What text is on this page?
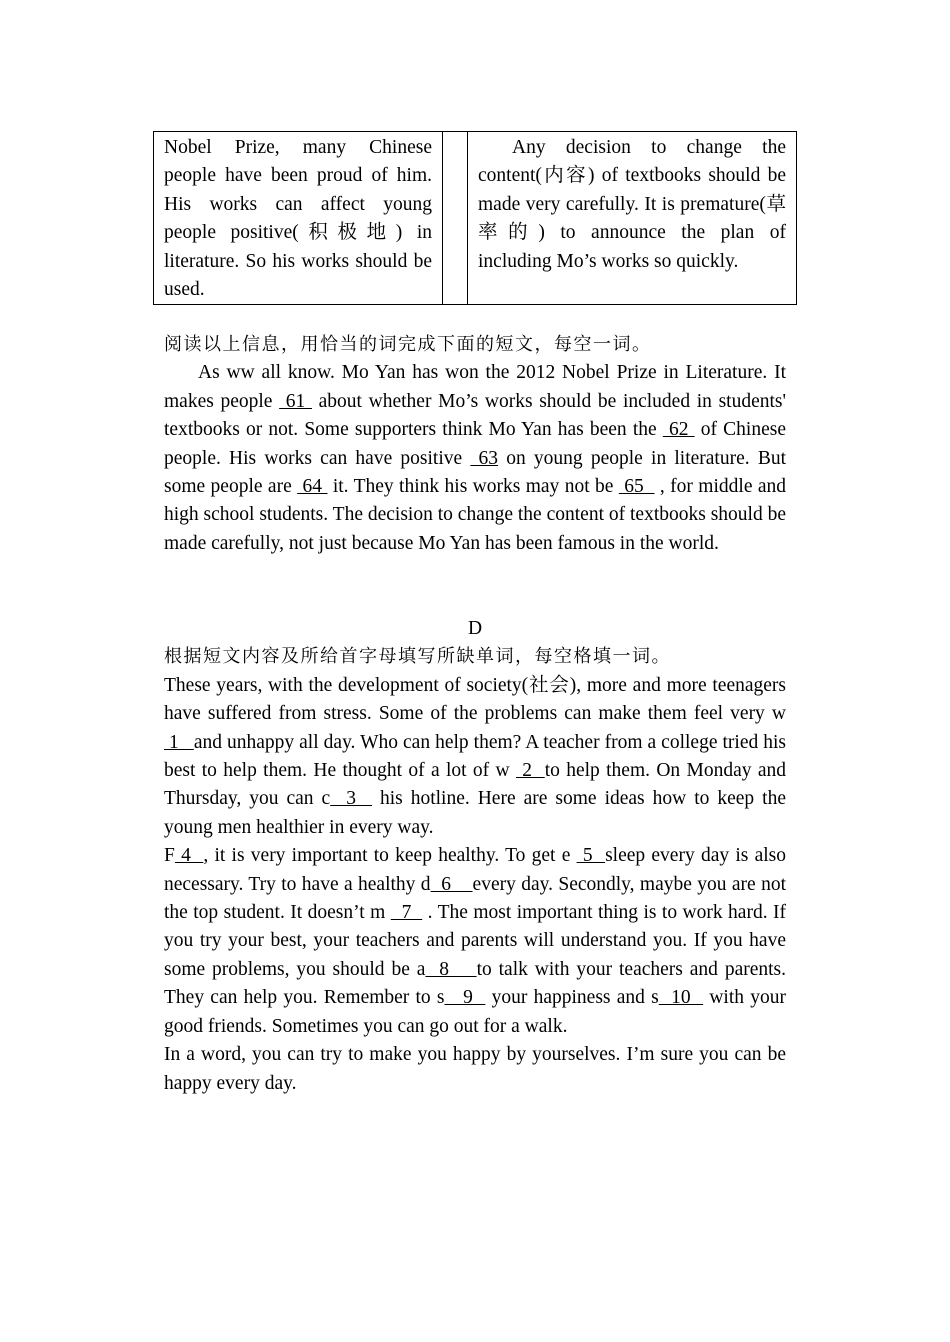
Nobel Prize, many Chinese people have been proud of him. His works can affect young people positive(积极地) in literature. So his works should be used.		Any decision to change the content(内容) of textbooks should be made very carefully. It is premature(草率的) to announce the plan of including Mo’s works so quickly.

阅读以上信息，用恰当的词完成下面的短文，每空一词。

As ww all know. Mo Yan has won the 2012 Nobel Prize in Literature. It makes people  61  about whether Mo’s works should be included in students' textbooks or not. Some supporters think Mo Yan has been the  62  of Chinese people. His works can have positive  63 on young people in literature. But some people are  64  it. They think his works may not be  65   , for middle and high school students. The decision to change the content of textbooks should be made carefully, not just because Mo Yan has been famous in the world.

D

根据短文内容及所给首字母填写所缺单词，每空格填一词。

These years, with the development of society(社会), more and more teenagers have suffered from stress. Some of the problems can make them feel very w  1   and unhappy all day. Who can help them? A teacher from a college tried his best to help them. He thought of a lot of w  2  to help them. On Monday and Thursday, you can c  3   his hotline. Here are some ideas how to keep the young men healthier in every way.

F 4  , it is very important to keep healthy. To get e  5  sleep every day is also necessary. Try to have a healthy d  6    every day. Secondly, maybe you are not the top student. It doesn’t m   7   . The most important thing is to work hard. If you try your best, your teachers and parents will understand you. If you have some problems, you should be a  8    to talk with your teachers and parents. They can help you. Remember to s   9   your happiness and s  10   with your good friends. Sometimes you can go out for a walk.

In a word, you can try to make you happy by yourselves. I’m sure you can be happy every day.
